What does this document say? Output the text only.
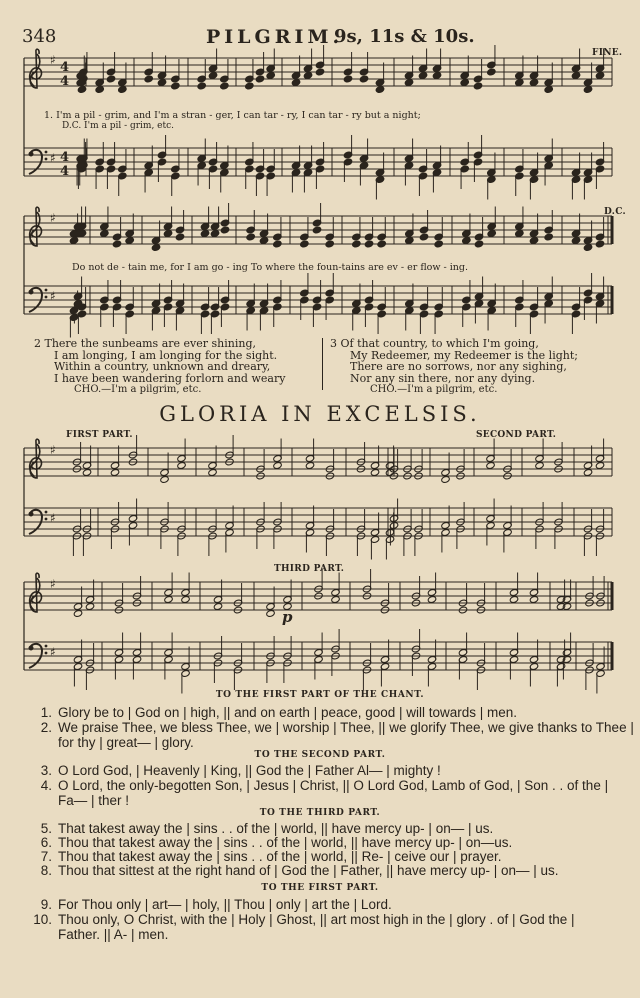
348	PILGRIM.
9s, 11s & 10s.
♯
♯
4
4
4
4
♯
♯
♯
♯
♯
♯
FINE.
D.C.
1. I'm a pil - grim, and I'm a stran - ger, I can tar - ry, I can tar - ry but a night;
D.C. I'm a pil - grim, etc.
Do not de - tain me, for I am go - ing To where the foun-tains are ev - er flow - ing.
2 There the sunbeams are ever shining,
I am longing, I am longing for the sight.
Within a country, unknown and dreary,
I have been wandering forlorn and weary
CHO.—I'm a pilgrim, etc.
3 Of that country, to which I'm going,
My Redeemer, my Redeemer is the light;
There are no sorrows, nor any sighing,
Nor any sin there, nor any dying.
CHO.—I'm a pilgrim, etc.
GLORIA IN EXCELSIS.
FIRST PART.	SECOND PART.
THIRD PART.
p
TO THE FIRST PART OF THE CHANT.
1. Glory be to | God on | high, || and on earth | peace, good | will towards | men.
2. We praise Thee, we bless Thee, we | worship | Thee, || we glorify Thee, we give thanks to Thee |
for thy | great— | glory.
TO THE SECOND PART.
3. O Lord God, | Heavenly | King, || God the | Father Al— | mighty !
4. O Lord, the only-begotten Son, | Jesus | Christ, || O Lord God, Lamb of God, | Son . . of the |
Fa— | ther !
TO THE THIRD PART.
5. That takest away the | sins . . of the | world, || have mercy up- | on— | us.
6. Thou that takest away the | sins . . of the | world, || have mercy up- | on—us.
7. Thou that takest away the | sins . . of the | world, || Re- | ceive our | prayer.
8. Thou that sittest at the right hand of | God the | Father, || have mercy up- | on— | us.
TO THE FIRST PART.
9. For Thou only | art— | holy, || Thou | only | art the | Lord.
10. Thou only, O Christ, with the | Holy | Ghost, || art most high in the | glory . of | God the |
Father. || A- | men.
